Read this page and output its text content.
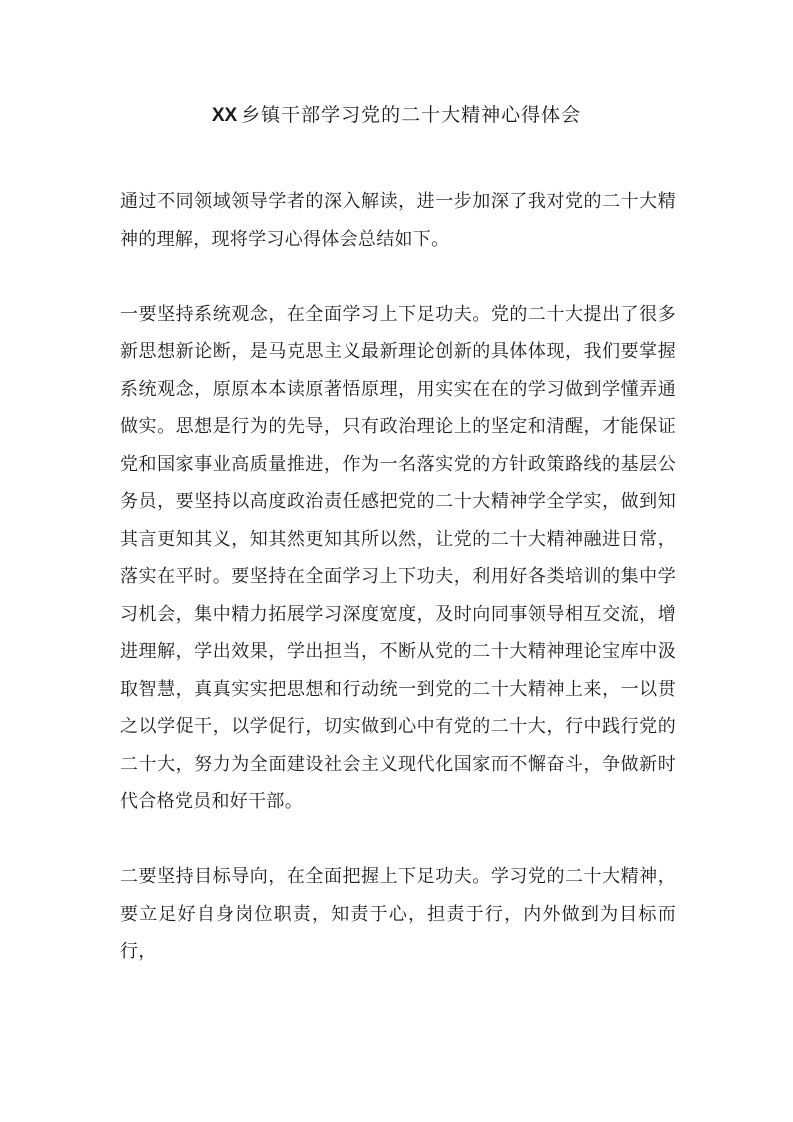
XX 乡镇干部学习党的二十大精神心得体会

通过不同领域领导学者的深入解读，进一步加深了我对党的二十大精神的理解，现将学习心得体会总结如下。

一要坚持系统观念，在全面学习上下足功夫。党的二十大提出了很多新思想新论断，是马克思主义最新理论创新的具体体现，我们要掌握系统观念，原原本本读原著悟原理，用实实在在的学习做到学懂弄通做实。思想是行为的先导，只有政治理论上的坚定和清醒，才能保证党和国家事业高质量推进，作为一名落实党的方针政策路线的基层公务员，要坚持以高度政治责任感把党的二十大精神学全学实，做到知其言更知其义，知其然更知其所以然，让党的二十大精神融进日常，落实在平时。要坚持在全面学习上下功夫，利用好各类培训的集中学习机会，集中精力拓展学习深度宽度，及时向同事领导相互交流，增进理解，学出效果，学出担当，不断从党的二十大精神理论宝库中汲取智慧，真真实实把思想和行动统一到党的二十大精神上来，一以贯之以学促干，以学促行，切实做到心中有党的二十大，行中践行党的二十大，努力为全面建设社会主义现代化国家而不懈奋斗，争做新时代合格党员和好干部。

二要坚持目标导向，在全面把握上下足功夫。学习党的二十大精神，要立足好自身岗位职责，知责于心，担责于行，内外做到为目标而行，
